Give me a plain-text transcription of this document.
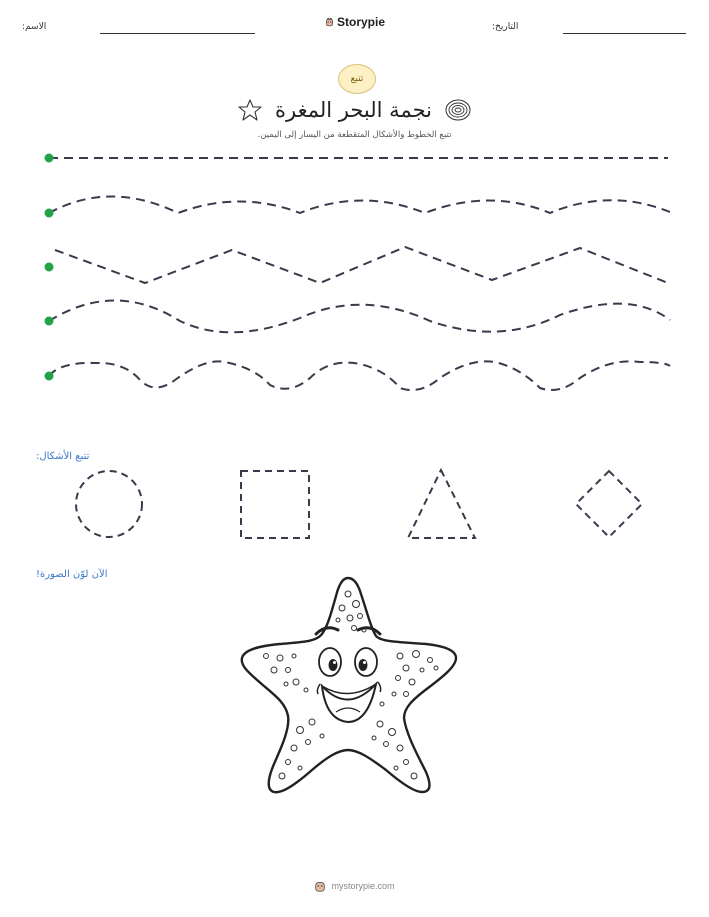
الاسم:	التاريخ:
Storypie
تتبع
نجمة البحر المغرة
تتبع الخطوط والأشكال المتقطعة من اليسار إلى اليمين.
تتبع الأشكال:
الآن لوّن الصورة!
mystorypie.com
